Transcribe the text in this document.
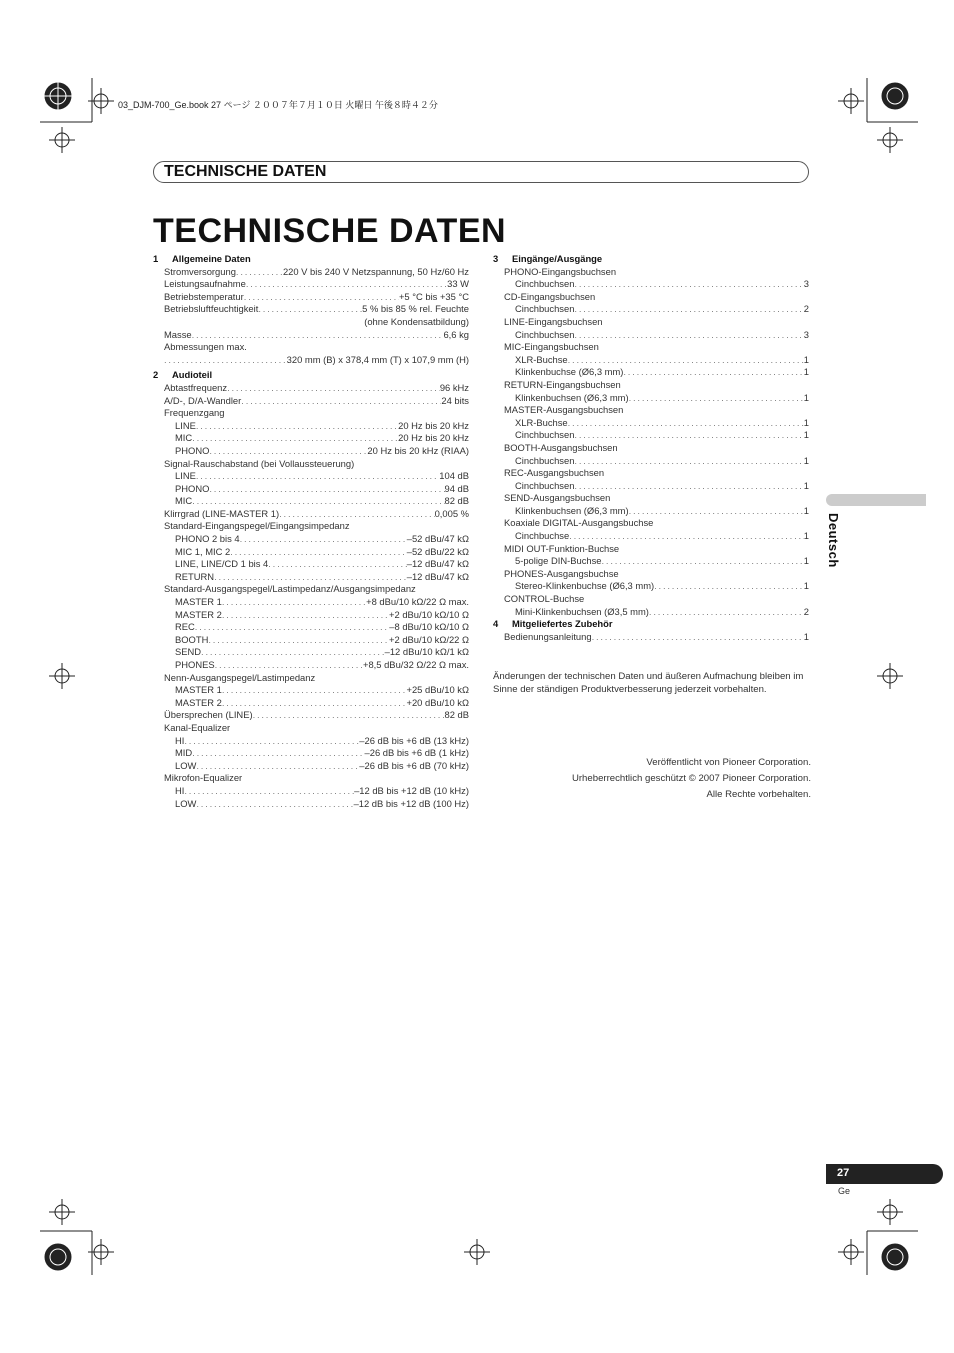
03_DJM-700_Ge.book 27 ページ ２００７年７月１０日 火曜日 午後８時４２分
TECHNISCHE DATEN
TECHNISCHE DATEN
1	Allgemeine Daten
Stromversorgung . . .	220 V bis 240 V Netzspannung, 50 Hz/60 Hz
Leistungsaufnahme . . .	33 W
Betriebstemperatur . . .	+5 °C bis +35 °C
Betriebsluftfeuchtigkeit . . .	5 % bis 85 % rel. Feuchte
(ohne Kondensatbildung)
Masse . . .	6,6 kg
Abmessungen max.
. . .
320 mm (B) x 378,4 mm (T) x 107,9 mm (H)
2	Audioteil
Abtastfrequenz . . .	96 kHz
A/D-, D/A-Wandler . . .	24 bits
Frequenzgang
LINE . . .	20 Hz bis 20 kHz
MIC . . .	20 Hz bis 20 kHz
PHONO . . .	20 Hz bis 20 kHz (RIAA)
Signal-Rauschabstand (bei Vollaussteuerung)
LINE . . .	104 dB
PHONO . . .	94 dB
MIC . . .	82 dB
Klirrgrad (LINE-MASTER 1) . . .	0,005 %
Standard-Eingangspegel/Eingangsimpedanz
PHONO 2 bis 4 . . .	–52 dBu/47 kΩ
MIC 1, MIC 2 . . .	–52 dBu/22 kΩ
LINE, LINE/CD 1 bis 4 . . .	–12 dBu/47 kΩ
RETURN . . .	–12 dBu/47 kΩ
Standard-Ausgangspegel/Lastimpedanz/Ausgangsimpedanz
MASTER 1 . . .	+8 dBu/10 kΩ/22 Ω max.
MASTER 2 . . .	+2 dBu/10 kΩ/10 Ω
REC . . .	–8 dBu/10 kΩ/10 Ω
BOOTH . . .	+2 dBu/10 kΩ/22 Ω
SEND . . .	–12 dBu/10 kΩ/1 kΩ
PHONES . . .	+8,5 dBu/32 Ω/22 Ω max.
Nenn-Ausgangspegel/Lastimpedanz
MASTER 1 . . .	+25 dBu/10 kΩ
MASTER 2 . . .	+20 dBu/10 kΩ
Übersprechen (LINE) . . .	82 dB
Kanal-Equalizer
HI . . .	–26 dB bis +6 dB (13 kHz)
MID . . .	–26 dB bis +6 dB (1 kHz)
LOW . . .	–26 dB bis +6 dB (70 kHz)
Mikrofon-Equalizer
HI . . .	–12 dB bis +12 dB (10 kHz)
LOW . . .	–12 dB bis +12 dB (100 Hz)
3	Eingänge/Ausgänge
PHONO-Eingangsbuchsen
Cinchbuchsen . . .	3
CD-Eingangsbuchsen
Cinchbuchsen . . .	2
LINE-Eingangsbuchsen
Cinchbuchsen . . .	3
MIC-Eingangsbuchsen
XLR-Buchse . . .	1
Klinkenbuchse (Ø6,3 mm) . . .	1
RETURN-Eingangsbuchsen
Klinkenbuchsen (Ø6,3 mm) . . .	1
MASTER-Ausgangsbuchsen
XLR-Buchse . . .	1
Cinchbuchsen . . .	1
BOOTH-Ausgangsbuchsen
Cinchbuchsen . . .	1
REC-Ausgangsbuchsen
Cinchbuchsen . . .	1
SEND-Ausgangsbuchsen
Klinkenbuchsen (Ø6,3 mm) . . .	1
Koaxiale DIGITAL-Ausgangsbuchse
Cinchbuchse . . .	1
MIDI OUT-Funktion-Buchse
5-polige DIN-Buchse . . .	1
PHONES-Ausgangsbuchse
Stereo-Klinkenbuchse (Ø6,3 mm) . . .	1
CONTROL-Buchse
Mini-Klinkenbuchsen (Ø3,5 mm) . . .	2
4	Mitgeliefertes Zubehör
Bedienungsanleitung . . .	1
Änderungen der technischen Daten und äußeren Aufmachung bleiben im Sinne der ständigen Produktverbesserung jederzeit vorbehalten.
Veröffentlicht von Pioneer Corporation.
Urheberrechtlich geschützt © 2007 Pioneer Corporation.
Alle Rechte vorbehalten.
Deutsch
27
Ge
